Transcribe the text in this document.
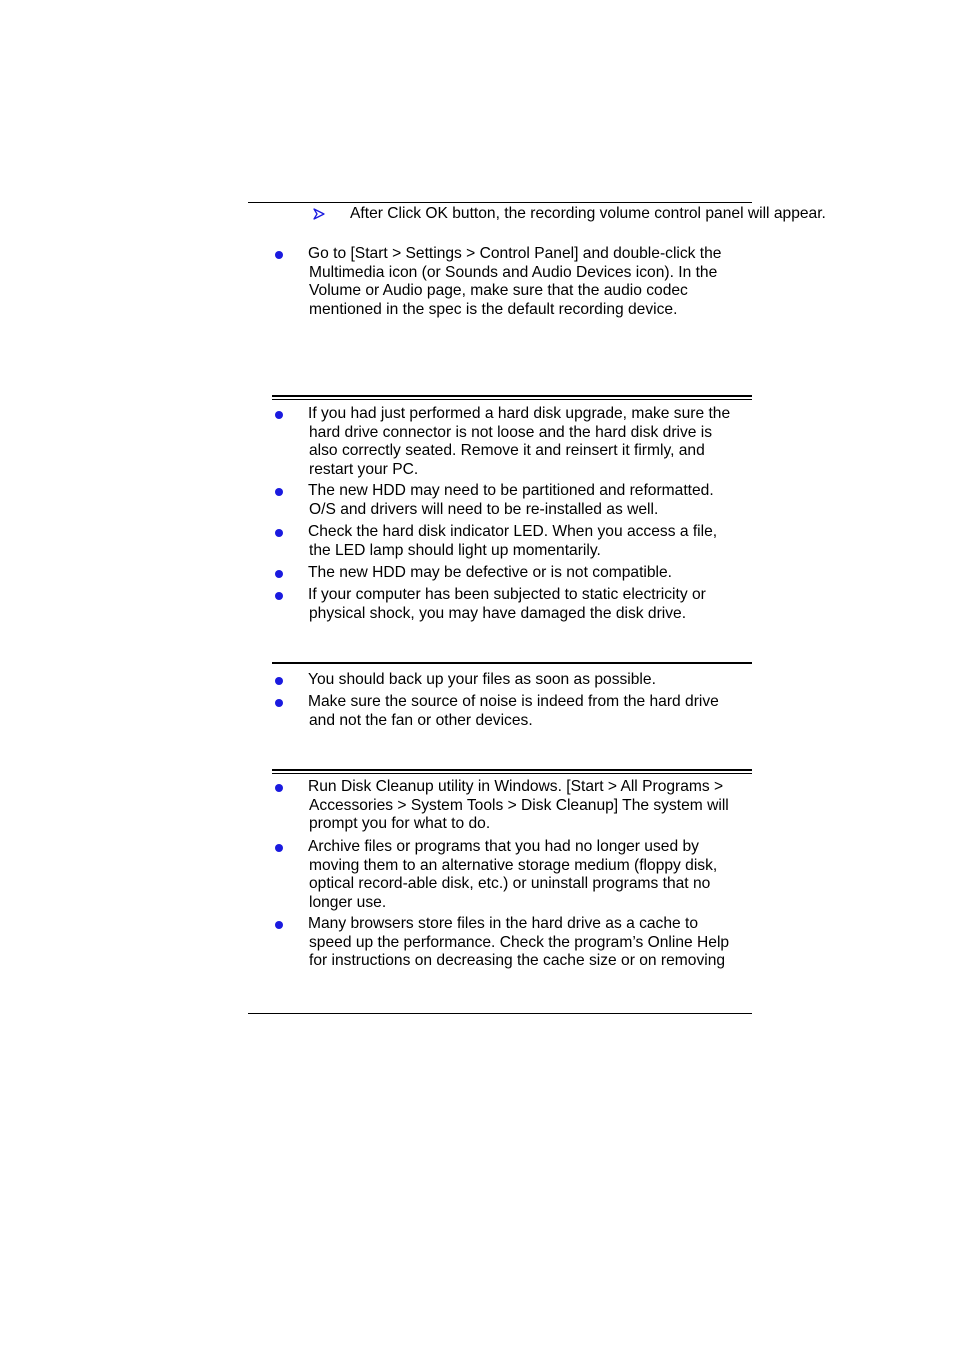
After Click OK button, the recording volume control panel will appear.
Go to [Start > Settings > Control Panel] and double-click the
Multimedia icon (or Sounds and Audio Devices icon). In the
Volume or Audio page, make sure that the audio codec
mentioned in the spec is the default recording device.
If you had just performed a hard disk upgrade, make sure the
hard drive connector is not loose and the hard disk drive is
also correctly seated. Remove it and reinsert it firmly, and
restart your PC.
The new HDD may need to be partitioned and reformatted.
O/S and drivers will need to be re-installed as well.
Check the hard disk indicator LED. When you access a file,
the LED lamp should light up momentarily.
The new HDD may be defective or is not compatible.
If your computer has been subjected to static electricity or
physical shock, you may have damaged the disk drive.
You should back up your files as soon as possible.
Make sure the source of noise is indeed from the hard drive
and not the fan or other devices.
Run Disk Cleanup utility in Windows. [Start > All Programs >
Accessories > System Tools > Disk Cleanup] The system will
prompt you for what to do.
Archive files or programs that you had no longer used by
moving them to an alternative storage medium (floppy disk,
optical record-able disk, etc.) or uninstall programs that no
longer use.
Many browsers store files in the hard drive as a cache to
speed up the performance. Check the program’s Online Help
for instructions on decreasing the cache size or on removing
